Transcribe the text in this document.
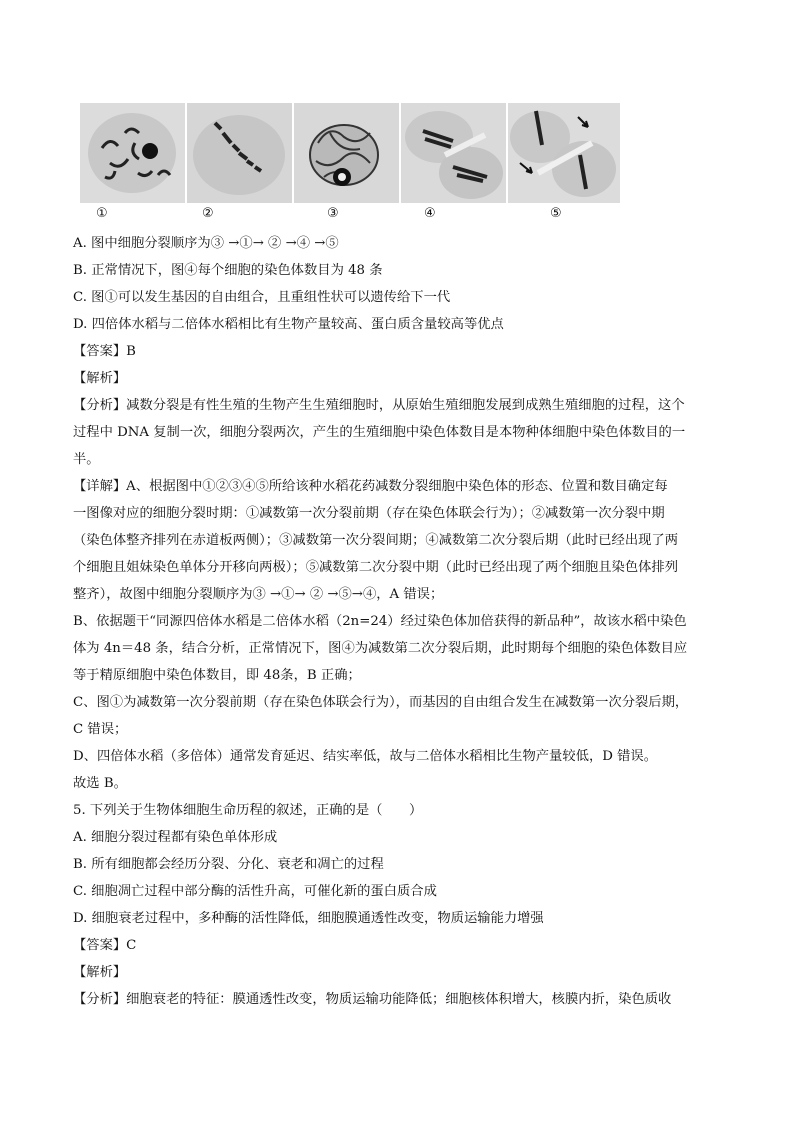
①	②	③	④	⑤
A. 图中细胞分裂顺序为③ →①→ ② →④ →⑤
B. 正常情况下，图④每个细胞的染色体数目为 48 条
C. 图①可以发生基因的自由组合，且重组性状可以遗传给下一代
D. 四倍体水稻与二倍体水稻相比有生物产量较高、蛋白质含量较高等优点
【答案】B
【解析】
【分析】减数分裂是有性生殖的生物产生生殖细胞时，从原始生殖细胞发展到成熟生殖细胞的过程，这个
过程中 DNA 复制一次，细胞分裂两次，产生的生殖细胞中染色体数目是本物种体细胞中染色体数目的一
半。
【详解】A、根据图中①②③④⑤所给该种水稻花药减数分裂细胞中染色体的形态、位置和数目确定每
一图像对应的细胞分裂时期：①减数第一次分裂前期（存在染色体联会行为）；②减数第一次分裂中期
（染色体整齐排列在赤道板两侧）；③减数第一次分裂间期；④减数第二次分裂后期（此时已经出现了两
个细胞且姐妹染色单体分开移向两极）；⑤减数第二次分裂中期（此时已经出现了两个细胞且染色体排列
整齐），故图中细胞分裂顺序为③ →①→ ② →⑤→④，A 错误；
B、依据题干“同源四倍体水稻是二倍体水稻（2n=24）经过染色体加倍获得的新品种”，故该水稻中染色
体为 4n＝48 条，结合分析，正常情况下，图④为减数第二次分裂后期，此时期每个细胞的染色体数目应
等于精原细胞中染色体数目，即 48条，B 正确；
C、图①为减数第一次分裂前期（存在染色体联会行为），而基因的自由组合发生在减数第一次分裂后期，
C 错误；
D、四倍体水稻（多倍体）通常发育延迟、结实率低，故与二倍体水稻相比生物产量较低，D 错误。
故选 B。
5. 下列关于生物体细胞生命历程的叙述，正确的是（　　）
A. 细胞分裂过程都有染色单体形成
B. 所有细胞都会经历分裂、分化、衰老和凋亡的过程
C. 细胞凋亡过程中部分酶的活性升高，可催化新的蛋白质合成
D. 细胞衰老过程中，多种酶的活性降低，细胞膜通透性改变，物质运输能力增强
【答案】C
【解析】
【分析】细胞衰老的特征：膜通透性改变，物质运输功能降低；细胞核体积增大，核膜内折，染色质收
